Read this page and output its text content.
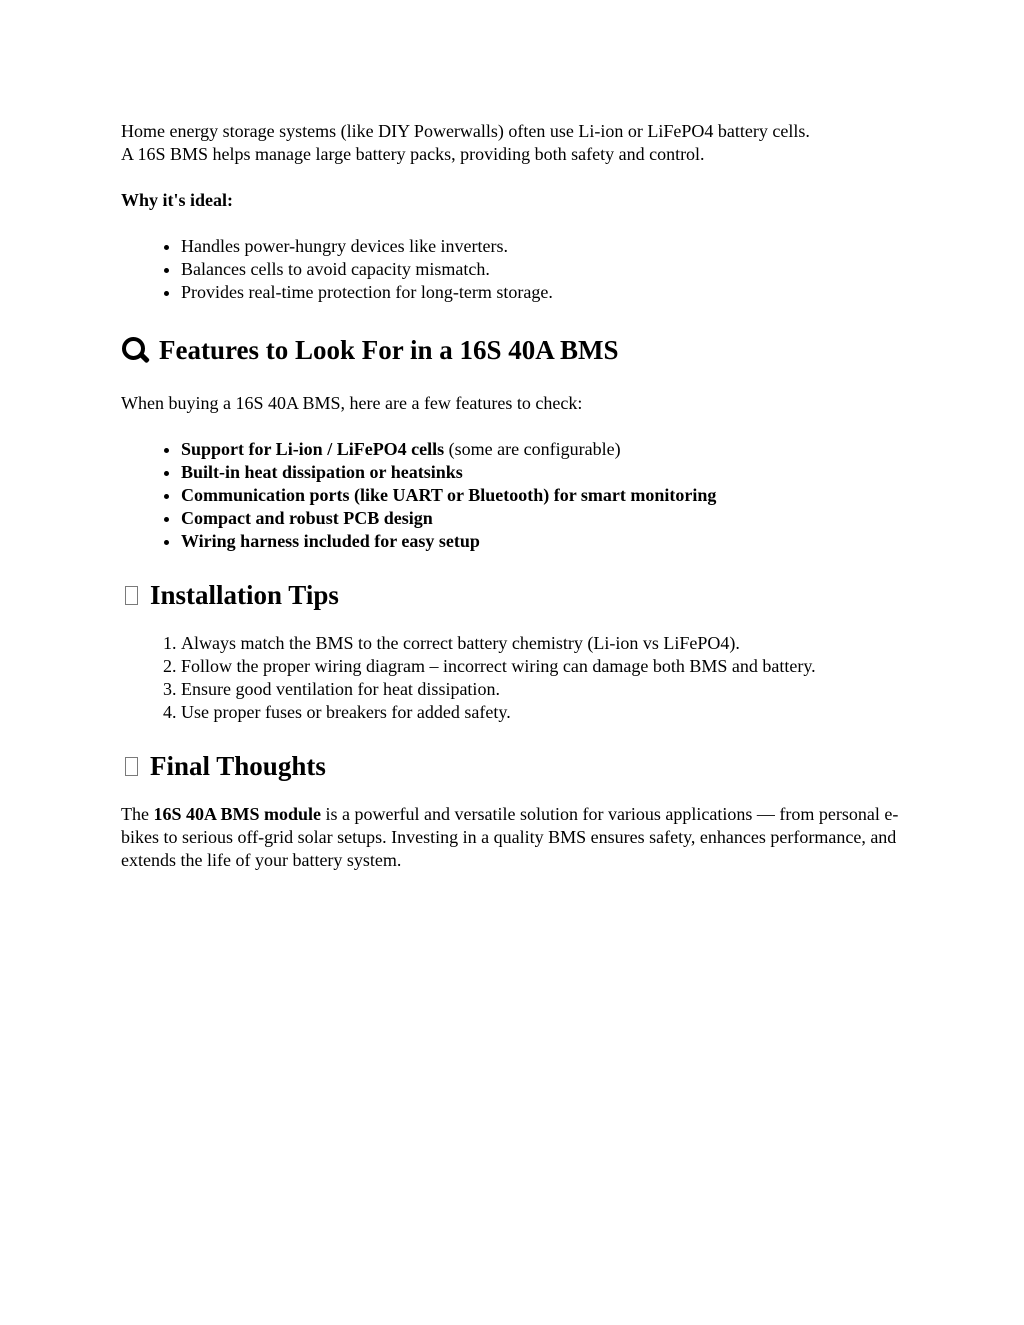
Home energy storage systems (like DIY Powerwalls) often use Li-ion or LiFePO4 battery cells.
A 16S BMS helps manage large battery packs, providing both safety and control.

Why it's ideal:

• Handles power-hungry devices like inverters.
• Balances cells to avoid capacity mismatch.
• Provides real-time protection for long-term storage.
Features to Look For in a 16S 40A BMS

When buying a 16S 40A BMS, here are a few features to check:

• Support for Li-ion / LiFePO4 cells (some are configurable)
• Built-in heat dissipation or heatsinks
• Communication ports (like UART or Bluetooth) for smart monitoring
• Compact and robust PCB design
• Wiring harness included for easy setup
Installation Tips
1. Always match the BMS to the correct battery chemistry (Li-ion vs LiFePO4).
2. Follow the proper wiring diagram – incorrect wiring can damage both BMS and battery.
3. Ensure good ventilation for heat dissipation.
4. Use proper fuses or breakers for added safety.
Final Thoughts

The 16S 40A BMS module is a powerful and versatile solution for various applications — from personal e-bikes to serious off-grid solar setups. Investing in a quality BMS ensures safety, enhances performance, and extends the life of your battery system.
